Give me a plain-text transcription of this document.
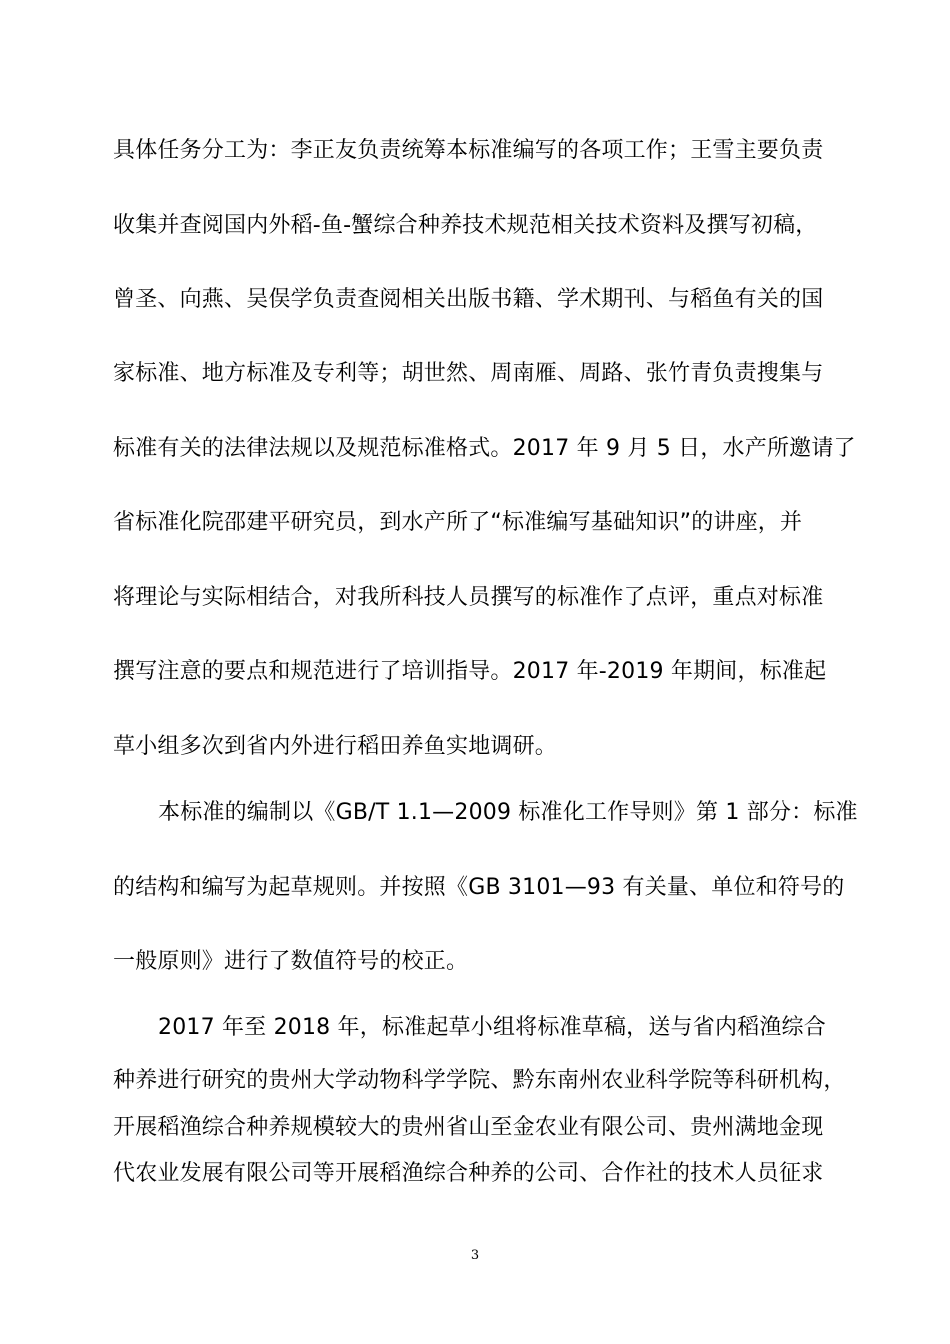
具体任务分工为：李正友负责统筹本标准编写的各项工作；王雪主要负责
收集并查阅国内外稻-鱼-蟹综合种养技术规范相关技术资料及撰写初稿，
曾圣、向燕、吴俣学负责查阅相关出版书籍、学术期刊、与稻鱼有关的国
家标准、地方标准及专利等；胡世然、周南雁、周路、张竹青负责搜集与
标准有关的法律法规以及规范标准格式。2017 年 9 月 5 日，水产所邀请了
省标准化院邵建平研究员，到水产所了“标准编写基础知识”的讲座，并
将理论与实际相结合，对我所科技人员撰写的标准作了点评，重点对标准
撰写注意的要点和规范进行了培训指导。2017 年-2019 年期间，标准起
草小组多次到省内外进行稻田养鱼实地调研。
本标准的编制以《GB/T 1.1—2009 标准化工作导则》第 1 部分：标准
的结构和编写为起草规则。并按照《GB 3101—93 有关量、单位和符号的
一般原则》进行了数值符号的校正。
2017 年至 2018 年，标准起草小组将标准草稿，送与省内稻渔综合
种养进行研究的贵州大学动物科学学院、黔东南州农业科学院等科研机构，
开展稻渔综合种养规模较大的贵州省山至金农业有限公司、贵州满地金现
代农业发展有限公司等开展稻渔综合种养的公司、合作社的技术人员征求
3
